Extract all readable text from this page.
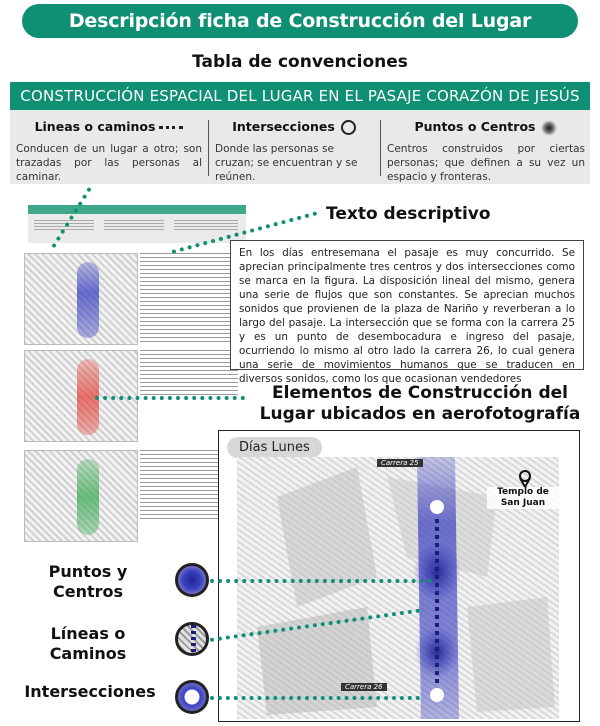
Descripción ficha de Construcción del Lugar
Tabla de convenciones
CONSTRUCCIÓN ESPACIAL DEL LUGAR EN EL PASAJE CORAZÓN DE JESÚS
Lineas o caminos
Conducen de un lugar a otro; son trazadas por las personas al caminar.
Intersecciones
Donde las personas se cruzan; se encuentran y se reúnen.
Puntos o Centros
Centros construidos por ciertas personas; que definen a su vez un espacio y fronteras.
Texto descriptivo

En los días entresemana el pasaje es muy concurrido. Se aprecian principalmente tres centros y dos intersecciones como se marca en la figura. La disposición lineal del mismo, genera una serie de flujos que son constantes. Se aprecian muchos sonidos que provienen de la plaza de Nariño y reverberan a lo largo del pasaje. La intersección que se forma con la carrera 25 y es un punto de desembocadura e ingreso del pasaje, ocurriendo lo mismo al otro lado la carrera 26, lo cual genera una serie de movimientos humanos que se traducen en diversos sonidos, como los que ocasionan vendedores

Elementos de Construcción del Lugar ubicados en aerofotografía
Días Lunes
Carrera 25
Carrera 26
Templo de San Juan
Puntos y Centros
Líneas o Caminos
Intersecciones
